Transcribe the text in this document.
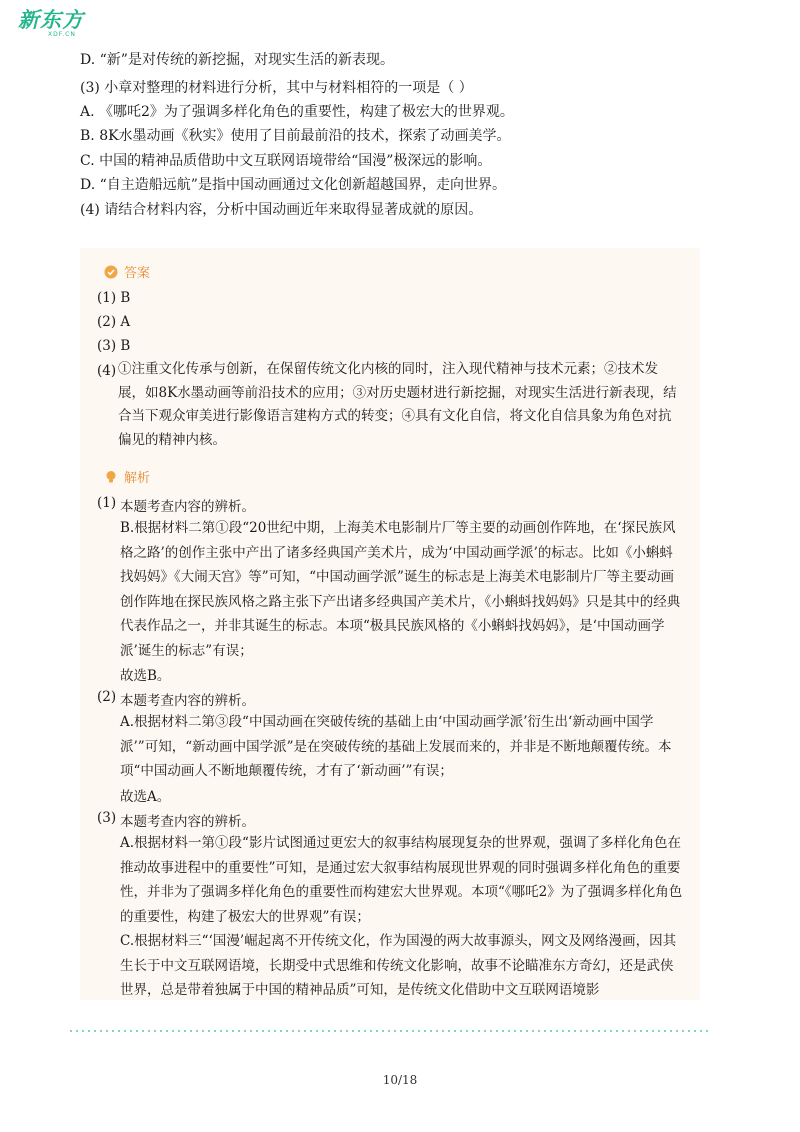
新东方
XDF.CN
D. “新”是对传统的新挖掘，对现实生活的新表现。
(3) 小章对整理的材料进行分析，其中与材料相符的一项是（ ）
A. 《哪吒2》为了强调多样化角色的重要性，构建了极宏大的世界观。
B. 8K水墨动画《秋实》使用了目前最前沿的技术，探索了动画美学。
C. 中国的精神品质借助中文互联网语境带给“国漫”极深远的影响。
D. “自主造船远航”是指中国动画通过文化创新超越国界，走向世界。
(4) 请结合材料内容，分析中国动画近年来取得显著成就的原因。
答案
(1) B
(2) A
(3) B
(4) ①注重文化传承与创新，在保留传统文化内核的同时，注入现代精神与技术元素；②技术发展，如8K水墨动画等前沿技术的应用；③对历史题材进行新挖掘，对现实生活进行新表现，结合当下观众审美进行影像语言建构方式的转变；④具有文化自信，将文化自信具象为角色对抗偏见的精神内核。
解析
(1) 本题考查内容的辨析。
B.根据材料二第①段“20世纪中期，上海美术电影制片厂等主要的动画创作阵地，在‘探民族风格之路’的创作主张中产出了诸多经典国产美术片，成为‘中国动画学派’的标志。比如《小蝌蚪找妈妈》《大闹天宫》等”可知，“中国动画学派”诞生的标志是上海美术电影制片厂等主要动画创作阵地在探民族风格之路主张下产出诸多经典国产美术片，《小蝌蚪找妈妈》只是其中的经典代表作品之一，并非其诞生的标志。本项“极具民族风格的《小蝌蚪找妈妈》，是‘中国动画学派’诞生的标志”有误；
故选B。
(2) 本题考查内容的辨析。
A.根据材料二第③段“中国动画在突破传统的基础上由‘中国动画学派’衍生出‘新动画中国学派’”可知，“新动画中国学派”是在突破传统的基础上发展而来的，并非是不断地颠覆传统。本项“中国动画人不断地颠覆传统，才有了‘新动画’”有误；
故选A。
(3) 本题考查内容的辨析。
A.根据材料一第①段“影片试图通过更宏大的叙事结构展现复杂的世界观，强调了多样化角色在推动故事进程中的重要性”可知，是通过宏大叙事结构展现世界观的同时强调多样化角色的重要性，并非为了强调多样化角色的重要性而构建宏大世界观。本项“《哪吒2》为了强调多样化角色的重要性，构建了极宏大的世界观”有误；
C.根据材料三“‘国漫’崛起离不开传统文化，作为国漫的两大故事源头，网文及网络漫画，因其生长于中文互联网语境，长期受中式思维和传统文化影响，故事不论瞄准东方奇幻，还是武侠世界，总是带着独属于中国的精神品质”可知，是传统文化借助中文互联网语境影
10/18
